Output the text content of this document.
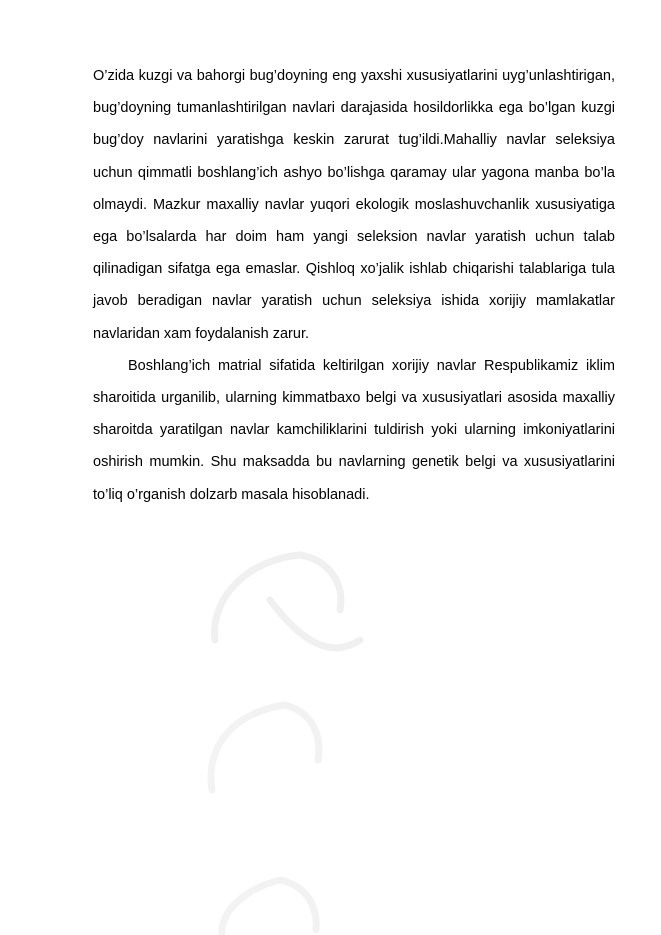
O’zida kuzgi va bahorgi bug’doyning eng yaxshi xususiyatlarini uyg’unlashtirigan, bug’doyning tumanlashtirilgan navlari darajasida hosildorlikka ega bo’lgan kuzgi bug’doy navlarini yaratishga keskin zarurat tug’ildi.Mahalliy navlar seleksiya uchun qimmatli boshlang’ich ashyo bo’lishga qaramay ular yagona manba bo’la olmaydi. Mazkur maxalliy navlar yuqori ekologik moslashuvchanlik xususiyatiga ega bo’lsalarda har doim ham yangi seleksion navlar yaratish uchun talab qilinadigan sifatga ega emaslar. Qishloq xo’jalik ishlab chiqarishi talablariga tula javob beradigan navlar yaratish uchun seleksiya ishida xorijiy mamlakatlar navlaridan xam foydalanish zarur.

Boshlang’ich matrial sifatida keltirilgan xorijiy navlar Respublikamiz iklim sharoitida urganilib, ularning kimmatbaxo belgi va xususiyatlari asosida maxalliy sharoitda yaratilgan navlar kamchiliklarini tuldirish yoki ularning imkoniyatlarini oshirish mumkin. Shu maksadda bu navlarning genetik belgi va xususiyatlarini to’liq o’rganish dolzarb masala hisoblanadi.
